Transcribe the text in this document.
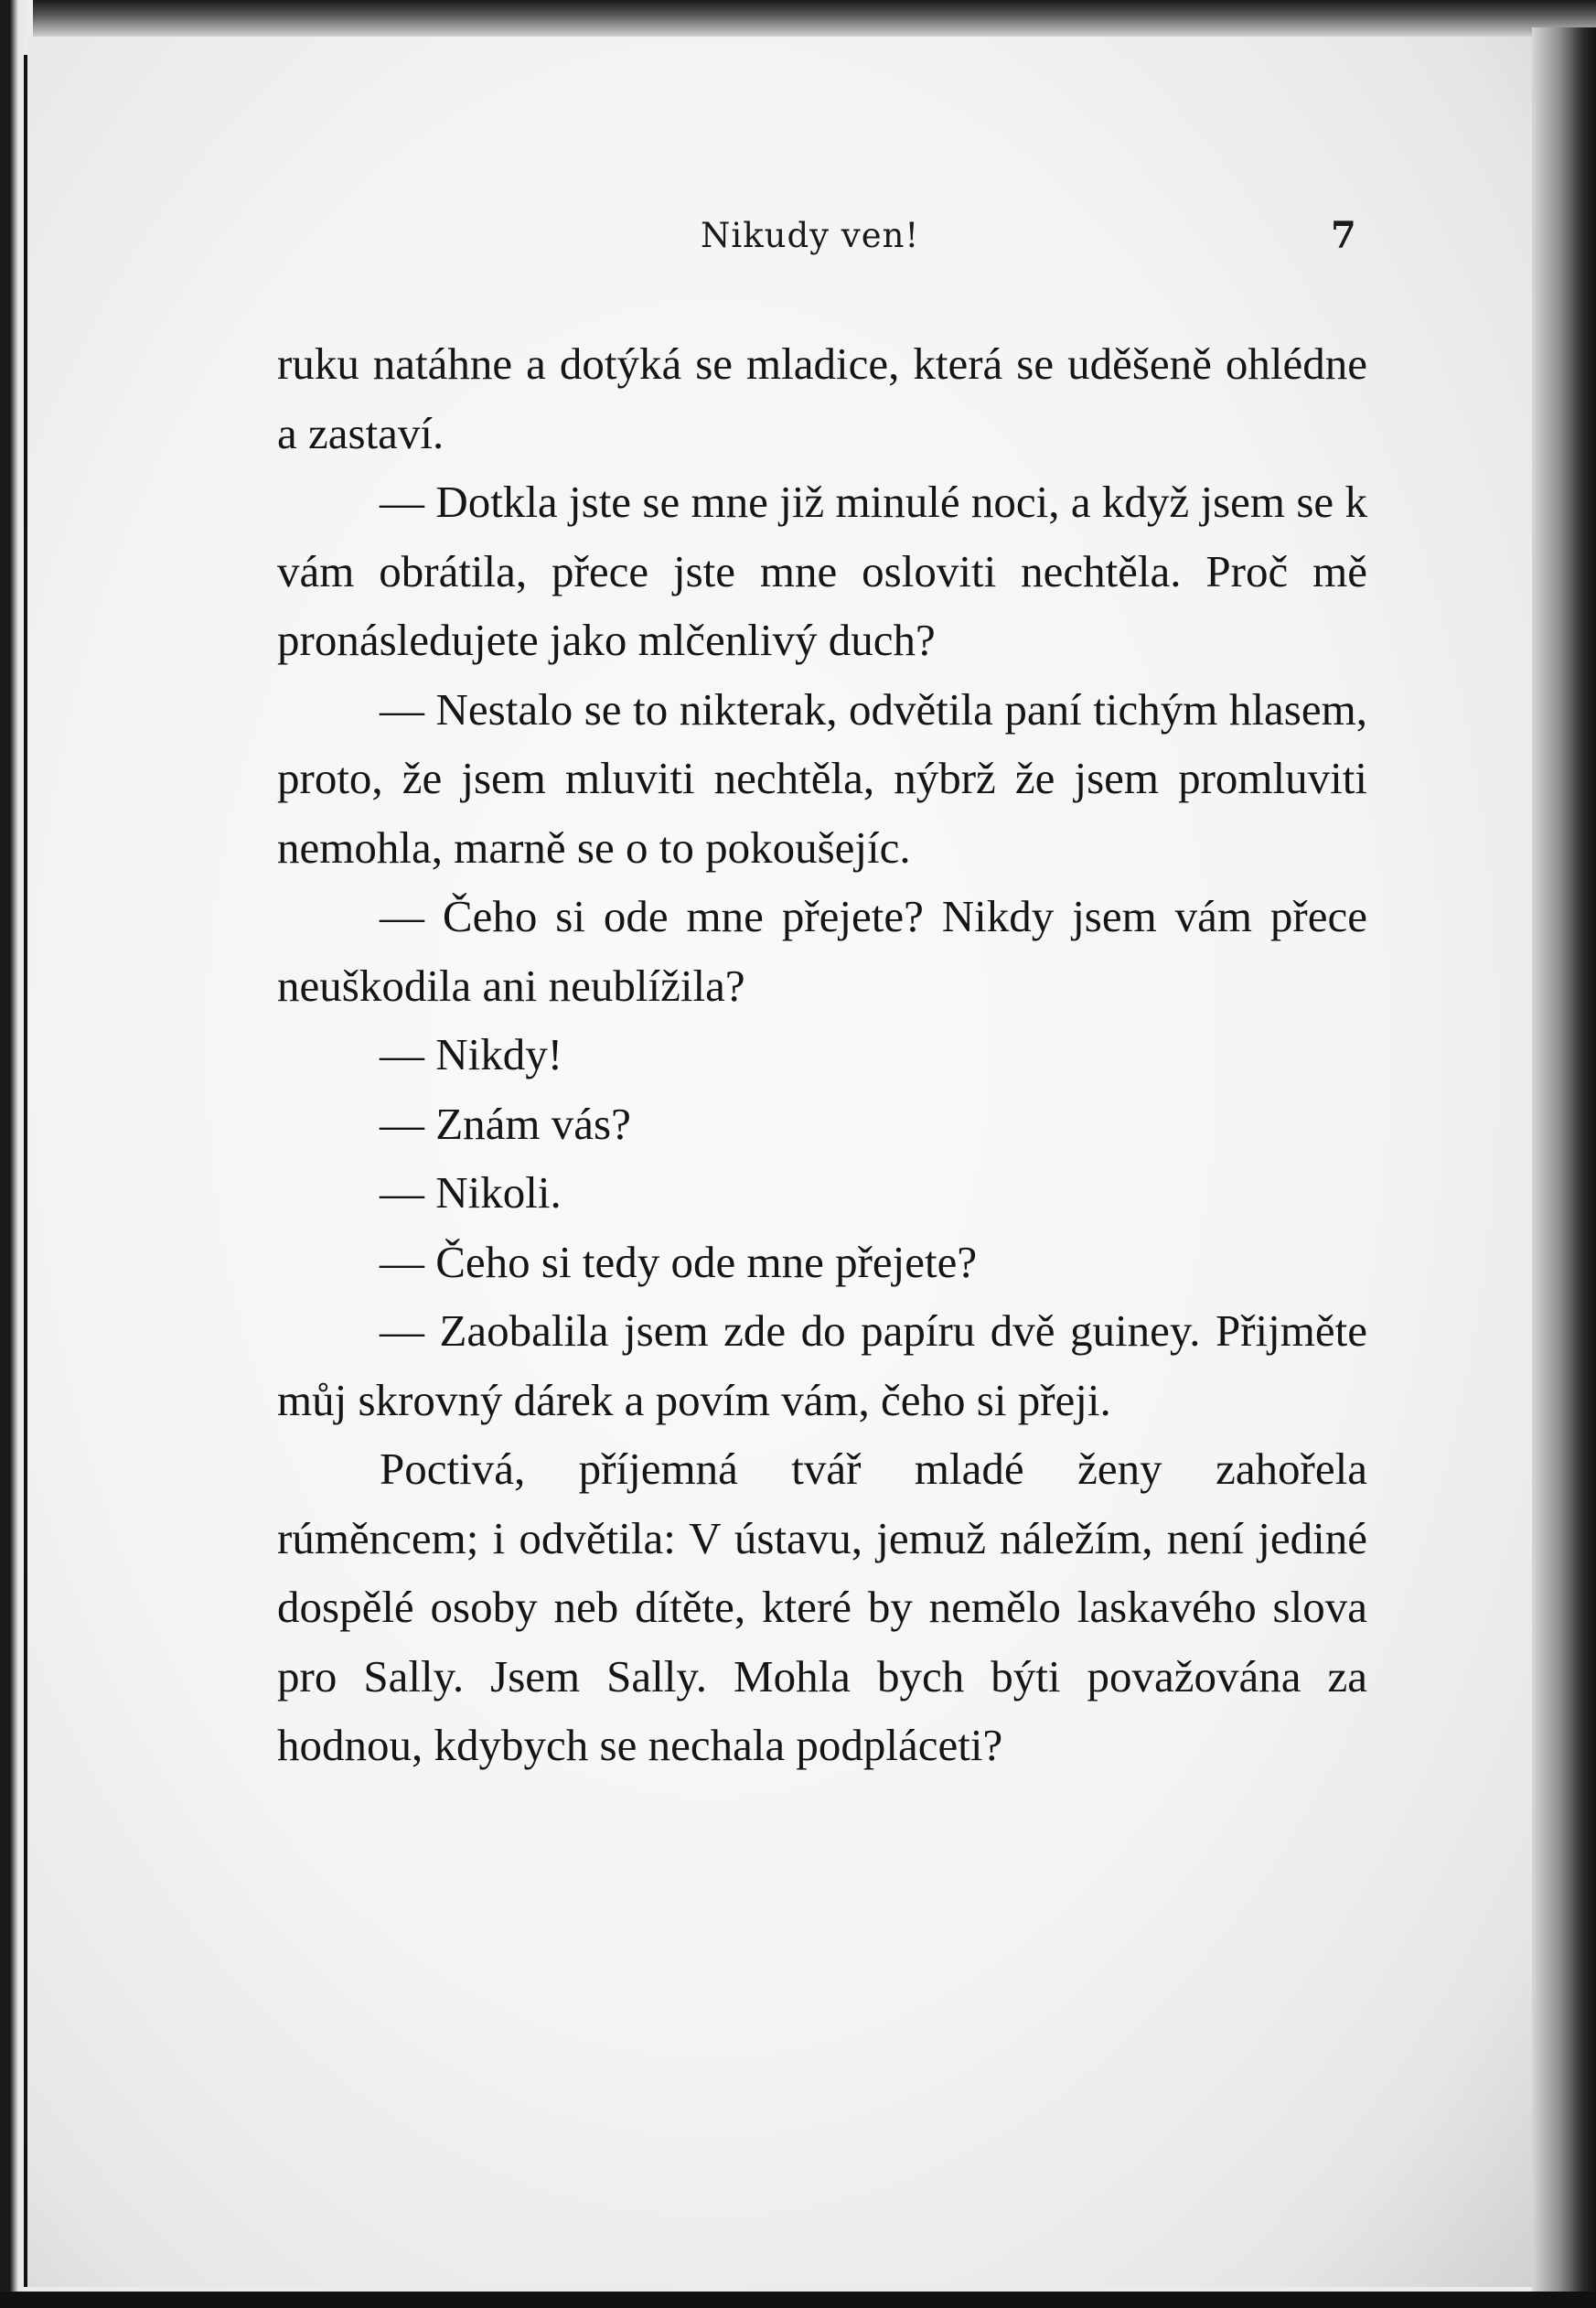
Nikudy ven!	7

ruku natáhne a dotýká se mladice, která se uděšeně ohlédne a zastaví.

— Dotkla jste se mne již minulé noci, a když jsem se k vám obrátila, přece jste mne osloviti nechtěla. Proč mě pronásledujete jako mlčenlivý duch?

— Nestalo se to nikterak, odvětila paní tichým hlasem, proto, že jsem mluviti nechtěla, nýbrž že jsem promluviti nemohla, marně se o to pokoušejíc.

— Čeho si ode mne přejete? Nikdy jsem vám přece neuškodila ani neublížila?

— Nikdy!

— Znám vás?

— Nikoli.

— Čeho si tedy ode mne přejete?

— Zaobalila jsem zde do papíru dvě guiney. Přijměte můj skrovný dárek a povím vám, čeho si přeji.

Poctivá, příjemná tvář mladé ženy zahořela rúměncem; i odvětila: V ústavu, jemuž náležím, není jediné dospělé osoby neb dítěte, které by nemělo laskavého slova pro Sally. Jsem Sally. Mohla bych býti považována za hodnou, kdybych se nechala podpláceti?
